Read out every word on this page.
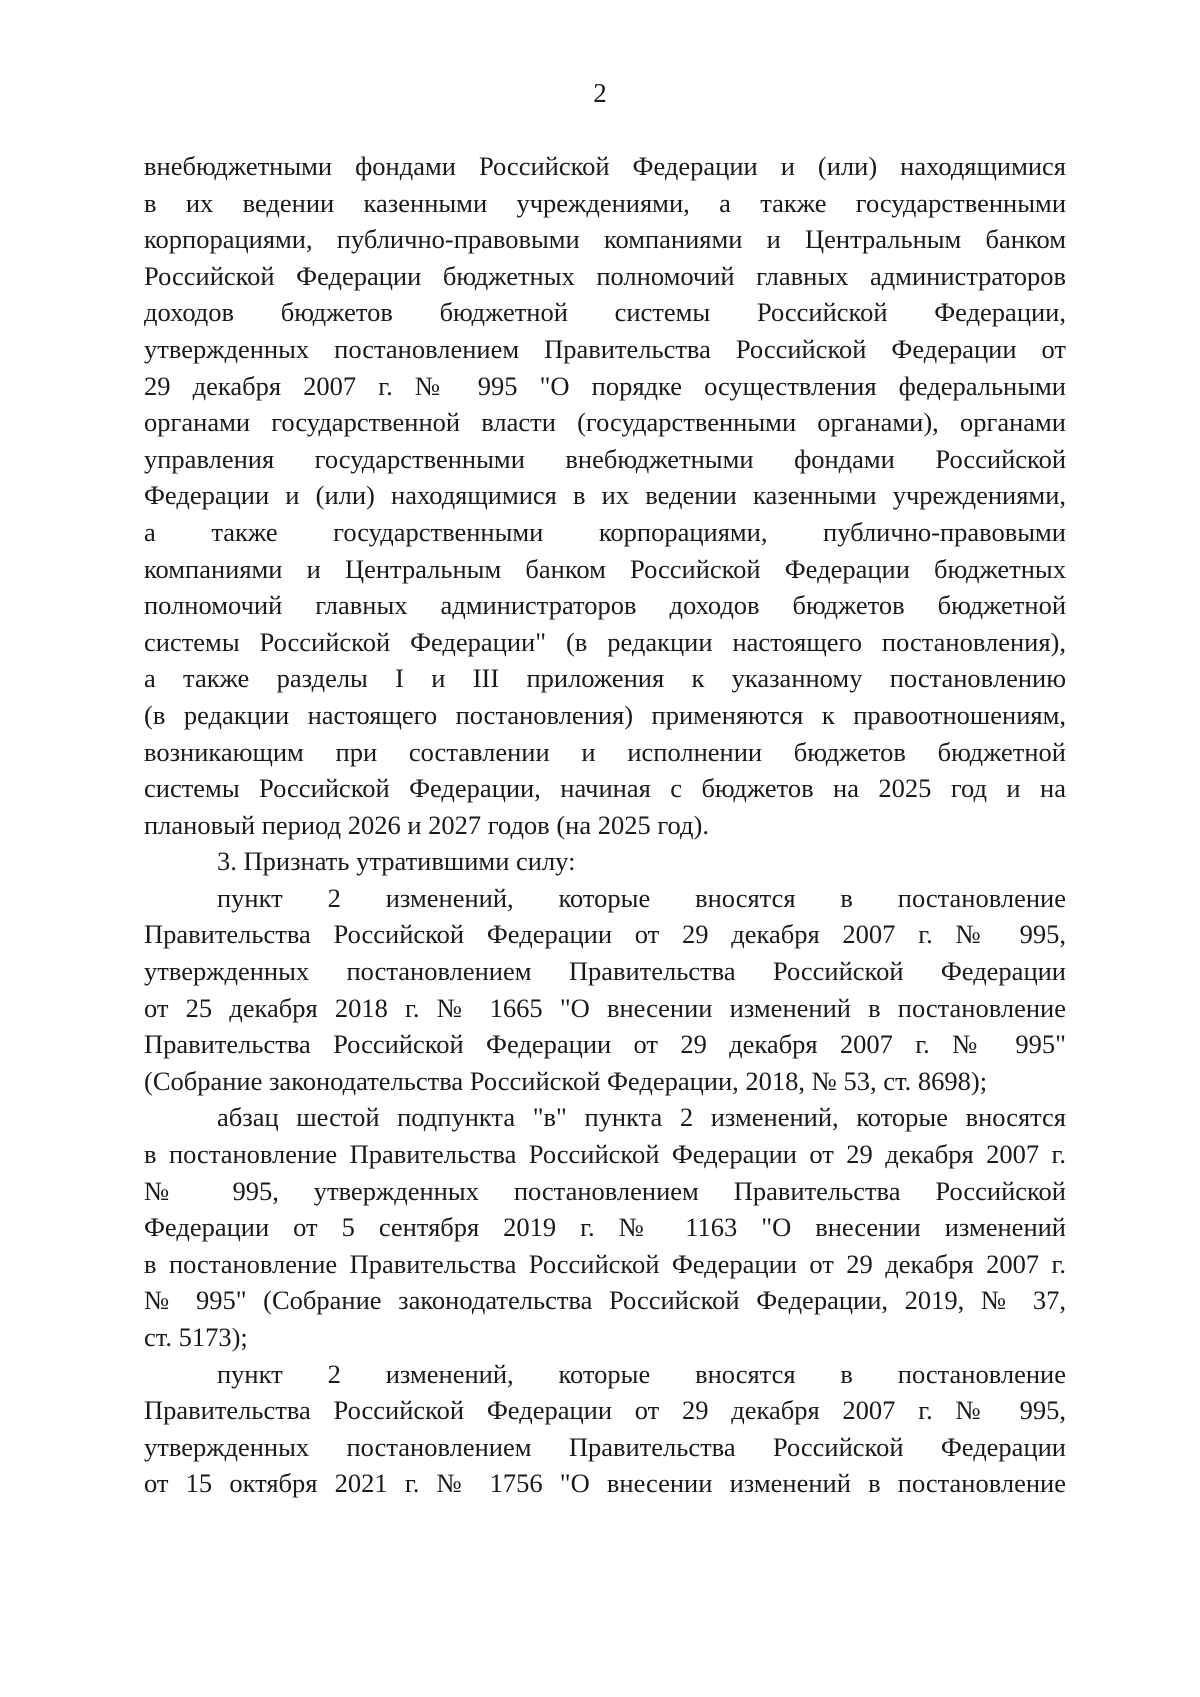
2
внебюджетными фондами Российской Федерации и (или) находящимися
в их ведении казенными учреждениями, а также государственными
корпорациями, публично-правовыми компаниями и Центральным банком
Российской Федерации бюджетных полномочий главных администраторов
доходов бюджетов бюджетной системы Российской Федерации,
утвержденных постановлением Правительства Российской Федерации от
29 декабря 2007 г. № 995 "О порядке осуществления федеральными
органами государственной власти (государственными органами), органами
управления государственными внебюджетными фондами Российской
Федерации и (или) находящимися в их ведении казенными учреждениями,
а также государственными корпорациями, публично-правовыми
компаниями и Центральным банком Российской Федерации бюджетных
полномочий главных администраторов доходов бюджетов бюджетной
системы Российской Федерации" (в редакции настоящего постановления),
а также разделы I и III приложения к указанному постановлению
(в редакции настоящего постановления) применяются к правоотношениям,
возникающим при составлении и исполнении бюджетов бюджетной
системы Российской Федерации, начиная с бюджетов на 2025 год и на
плановый период 2026 и 2027 годов (на 2025 год).
3. Признать утратившими силу:
пункт 2 изменений, которые вносятся в постановление
Правительства Российской Федерации от 29 декабря 2007 г. № 995,
утвержденных постановлением Правительства Российской Федерации
от 25 декабря 2018 г. № 1665 "О внесении изменений в постановление
Правительства Российской Федерации от 29 декабря 2007 г. № 995"
(Собрание законодательства Российской Федерации, 2018, № 53, ст. 8698);
абзац шестой подпункта "в" пункта 2 изменений, которые вносятся
в постановление Правительства Российской Федерации от 29 декабря 2007 г.
№ 995, утвержденных постановлением Правительства Российской
Федерации от 5 сентября 2019 г. № 1163 "О внесении изменений
в постановление Правительства Российской Федерации от 29 декабря 2007 г.
№ 995" (Собрание законодательства Российской Федерации, 2019, № 37,
ст. 5173);
пункт 2 изменений, которые вносятся в постановление
Правительства Российской Федерации от 29 декабря 2007 г. № 995,
утвержденных постановлением Правительства Российской Федерации
от 15 октября 2021 г. № 1756 "О внесении изменений в постановление
